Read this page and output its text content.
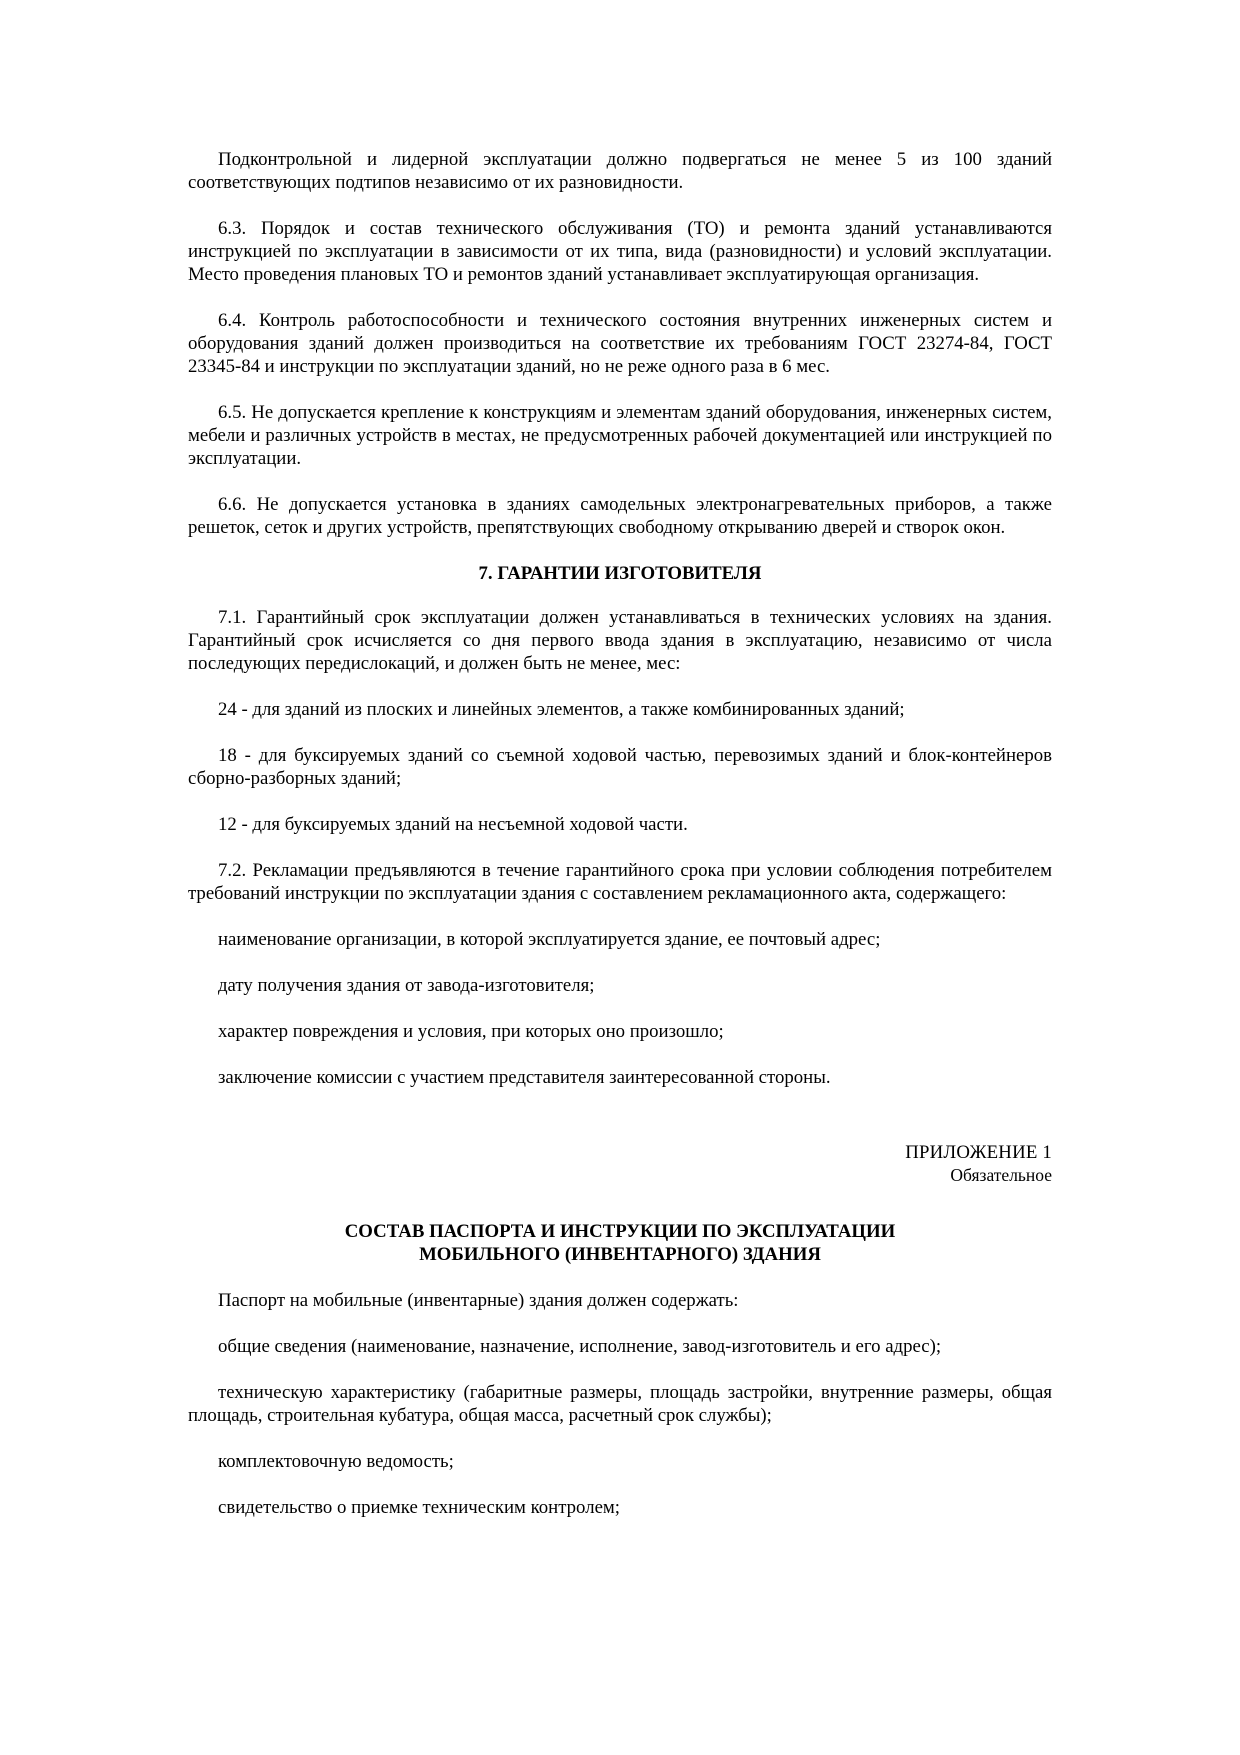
Подконтрольной и лидерной эксплуатации должно подвергаться не менее 5 из 100 зданий соответствующих подтипов независимо от их разновидности.

6.3. Порядок и состав технического обслуживания (ТО) и ремонта зданий устанавливаются инструкцией по эксплуатации в зависимости от их типа, вида (разновидности) и условий эксплуатации. Место проведения плановых ТО и ремонтов зданий устанавливает эксплуатирующая организация.

6.4. Контроль работоспособности и технического состояния внутренних инженерных систем и оборудования зданий должен производиться на соответствие их требованиям ГОСТ 23274-84, ГОСТ 23345-84 и инструкции по эксплуатации зданий, но не реже одного раза в 6 мес.

6.5. Не допускается крепление к конструкциям и элементам зданий оборудования, инженерных систем, мебели и различных устройств в местах, не предусмотренных рабочей документацией или инструкцией по эксплуатации.

6.6. Не допускается установка в зданиях самодельных электронагревательных приборов, а также решеток, сеток и других устройств, препятствующих свободному открыванию дверей и створок окон.

7. ГАРАНТИИ ИЗГОТОВИТЕЛЯ

7.1. Гарантийный срок эксплуатации должен устанавливаться в технических условиях на здания. Гарантийный срок исчисляется со дня первого ввода здания в эксплуатацию, независимо от числа последующих передислокаций, и должен быть не менее, мес:

24 - для зданий из плоских и линейных элементов, а также комбинированных зданий;

18 - для буксируемых зданий со съемной ходовой частью, перевозимых зданий и блок-контейнеров сборно-разборных зданий;

12 - для буксируемых зданий на несъемной ходовой части.

7.2. Рекламации предъявляются в течение гарантийного срока при условии соблюдения потребителем требований инструкции по эксплуатации здания с составлением рекламационного акта, содержащего:

наименование организации, в которой эксплуатируется здание, ее почтовый адрес;

дату получения здания от завода-изготовителя;

характер повреждения и условия, при которых оно произошло;

заключение комиссии с участием представителя заинтересованной стороны.

ПРИЛОЖЕНИЕ 1

Обязательное

СОСТАВ ПАСПОРТА И ИНСТРУКЦИИ ПО ЭКСПЛУАТАЦИИ
МОБИЛЬНОГО (ИНВЕНТАРНОГО) ЗДАНИЯ

Паспорт на мобильные (инвентарные) здания должен содержать:

общие сведения (наименование, назначение, исполнение, завод-изготовитель и его адрес);

техническую характеристику (габаритные размеры, площадь застройки, внутренние размеры, общая площадь, строительная кубатура, общая масса, расчетный срок службы);

комплектовочную ведомость;

свидетельство о приемке техническим контролем;
